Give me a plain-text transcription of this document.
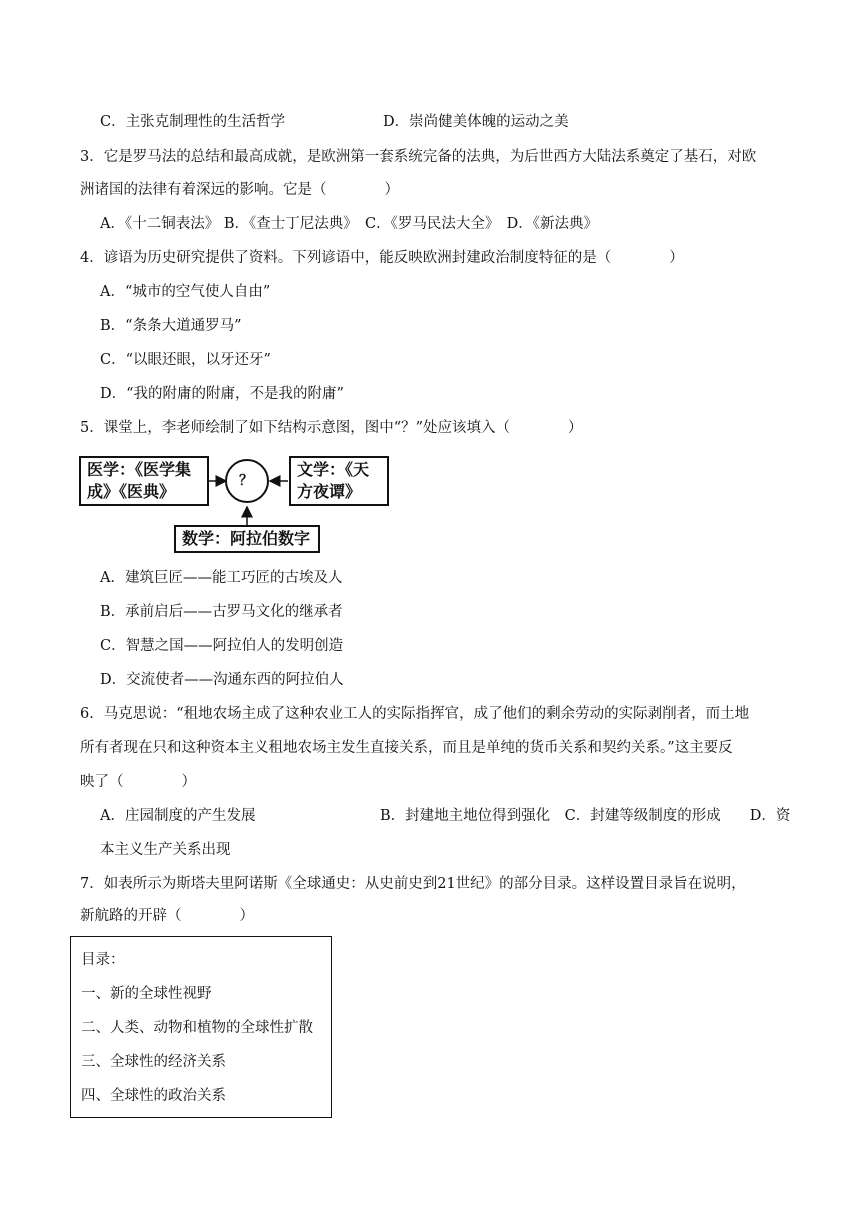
C．主张克制理性的生活哲学	D．崇尚健美体魄的运动之美
3．它是罗马法的总结和最高成就，是欧洲第一套系统完备的法典，为后世西方大陆法系奠定了基石，对欧
洲诸国的法律有着深远的影响。它是（　　　　）
A．《十二铜表法》 B．《查士丁尼法典》　C．《罗马民法大全》　D．《新法典》
4．谚语为历史研究提供了资料。下列谚语中，能反映欧洲封建政治制度特征的是（　　　　）
A．“城市的空气使人自由”
B．“条条大道通罗马”
C．“以眼还眼，以牙还牙”
D．“我的附庸的附庸，不是我的附庸”
5．课堂上，李老师绘制了如下结构示意图，图中“？”处应该填入（　　　　）
医学：《医学集
成》《医典》
？
文学：《天
方夜谭》
数学：阿拉伯数字
A．建筑巨匠——能工巧匠的古埃及人
B．承前启后——古罗马文化的继承者
C．智慧之国——阿拉伯人的发明创造
D．交流使者——沟通东西的阿拉伯人
6．马克思说：“租地农场主成了这种农业工人的实际指挥官，成了他们的剩余劳动的实际剥削者，而土地
所有者现在只和这种资本主义租地农场主发生直接关系，而且是单纯的货币关系和契约关系。”这主要反
映了（　　　　）
A．庄园制度的产生发展	B．封建地主地位得到强化　C．封建等级制度的形成　　D．资
本主义生产关系出现
7．如表所示为斯塔夫里阿诺斯《全球通史：从史前史到21世纪》的部分目录。这样设置目录旨在说明，
新航路的开辟（　　　　）
目录：
一、新的全球性视野
二、人类、动物和植物的全球性扩散
三、全球性的经济关系
四、全球性的政治关系
